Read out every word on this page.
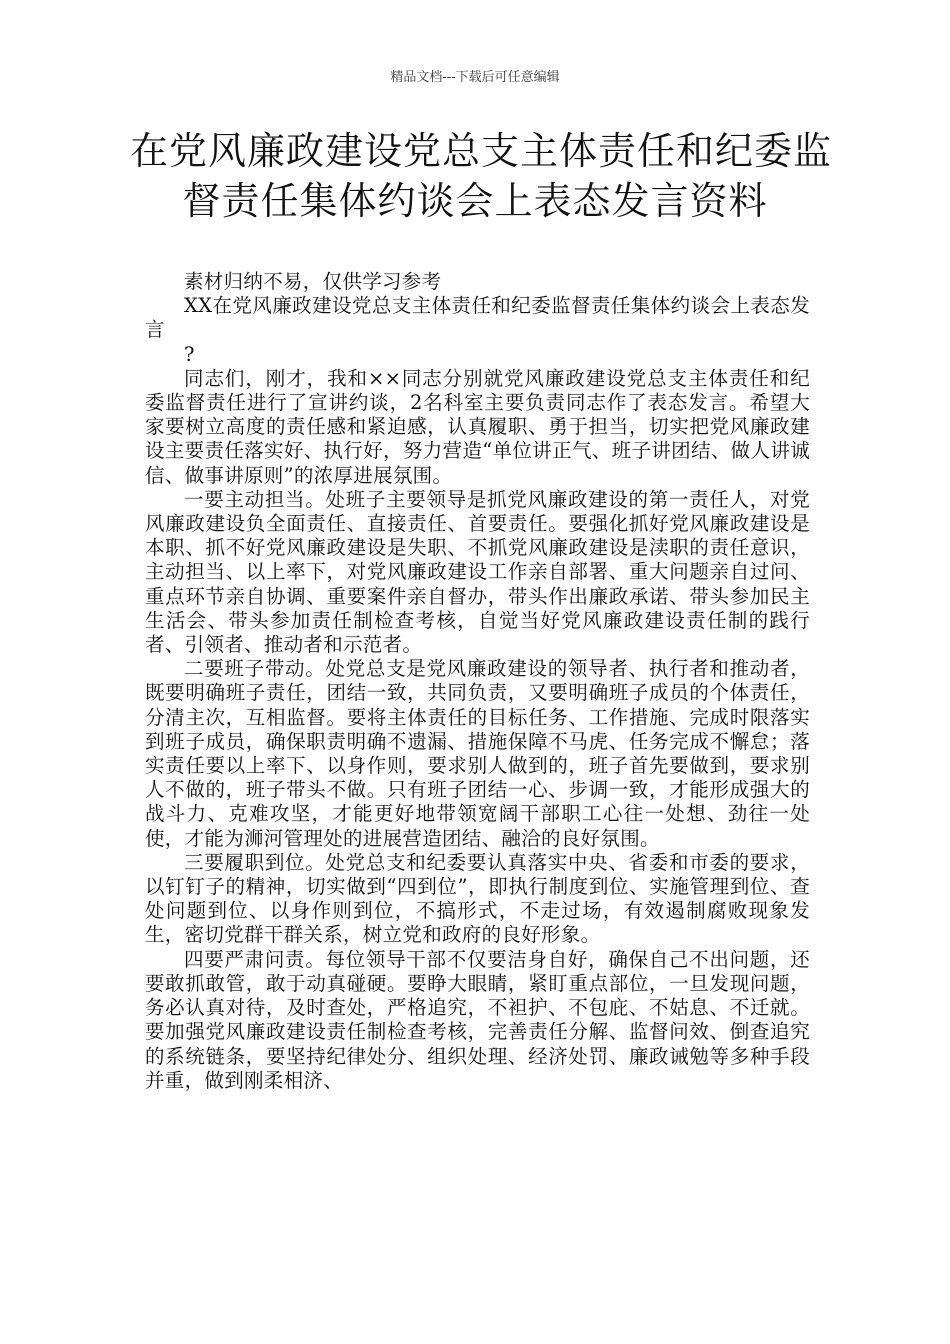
精品文档---下载后可任意编辑
在党风廉政建设党总支主体责任和纪委监
督责任集体约谈会上表态发言资料

素材归纳不易，仅供学习参考

XX在党风廉政建设党总支主体责任和纪委监督责任集体约谈会上表态发言

?

同志们，刚才，我和××同志分别就党风廉政建设党总支主体责任和纪委监督责任进行了宣讲约谈，2名科室主要负责同志作了表态发言。希望大家要树立高度的责任感和紧迫感，认真履职、勇于担当，切实把党风廉政建设主要责任落实好、执行好，努力营造“单位讲正气、班子讲团结、做人讲诚信、做事讲原则”的浓厚进展氛围。

一要主动担当。处班子主要领导是抓党风廉政建设的第一责任人，对党风廉政建设负全面责任、直接责任、首要责任。要强化抓好党风廉政建设是本职、抓不好党风廉政建设是失职、不抓党风廉政建设是渎职的责任意识，主动担当、以上率下，对党风廉政建设工作亲自部署、重大问题亲自过问、重点环节亲自协调、重要案件亲自督办，带头作出廉政承诺、带头参加民主生活会、带头参加责任制检查考核，自觉当好党风廉政建设责任制的践行者、引领者、推动者和示范者。

二要班子带动。处党总支是党风廉政建设的领导者、执行者和推动者，既要明确班子责任，团结一致，共同负责，又要明确班子成员的个体责任，分清主次，互相监督。要将主体责任的目标任务、工作措施、完成时限落实到班子成员，确保职责明确不遗漏、措施保障不马虎、任务完成不懈怠；落实责任要以上率下、以身作则，要求别人做到的，班子首先要做到，要求别人不做的，班子带头不做。只有班子团结一心、步调一致，才能形成强大的战斗力、克难攻坚，才能更好地带领宽阔干部职工心往一处想、劲往一处使，才能为浉河管理处的进展营造团结、融洽的良好氛围。

三要履职到位。处党总支和纪委要认真落实中央、省委和市委的要求，以钉钉子的精神，切实做到“四到位”，即执行制度到位、实施管理到位、查处问题到位、以身作则到位，不搞形式，不走过场，有效遏制腐败现象发生，密切党群干群关系，树立党和政府的良好形象。

四要严肃问责。每位领导干部不仅要洁身自好，确保自己不出问题，还要敢抓敢管，敢于动真碰硬。要睁大眼睛，紧盯重点部位，一旦发现问题，务必认真对待，及时查处，严格追究，不袒护、不包庇、不姑息、不迁就。要加强党风廉政建设责任制检查考核，完善责任分解、监督问效、倒查追究的系统链条，要坚持纪律处分、组织处理、经济处罚、廉政诫勉等多种手段并重，做到刚柔相济、
